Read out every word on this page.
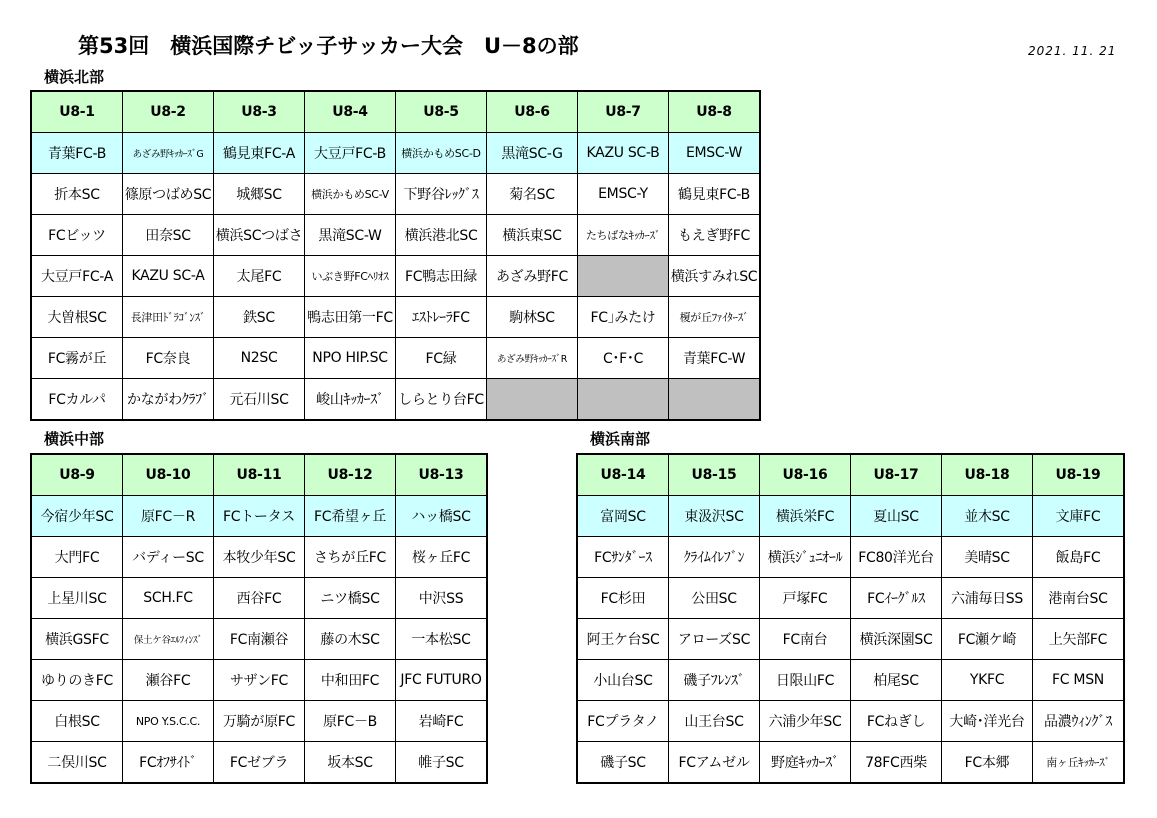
第53回　横浜国際チビッ子サッカー大会　U－8の部	2021. 11. 21
横浜北部
U8-1	U8-2	U8-3	U8-4	U8-5	U8-6	U8-7	U8-8
青葉FC-B	あざみ野ｷｯｶｰｽﾞG	鶴見東FC-A	大豆戸FC-B	横浜かもめSC-D	黒滝SC-G	KAZU SC-B	EMSC-W
折本SC	篠原つばめSC	城郷SC	横浜かもめSC-V	下野谷ﾚｯｸﾞｽ	菊名SC	EMSC-Y	鶴見東FC-B
FCビッツ	田奈SC	横浜SCつばさ	黒滝SC-W	横浜港北SC	横浜東SC	たちばなｷｯｶｰｽﾞ	もえぎ野FC
大豆戸FC-A	KAZU SC-A	太尾FC	いぶき野FCﾍﾘｵｽ	FC鴨志田緑	あざみ野FC		横浜すみれSC
大曽根SC	長津田ﾄﾞﾗｺﾞﾝｽﾞ	鉄SC	鴨志田第一FC	ｴｽﾄﾚｰﾗFC	駒林SC	FC｣みたけ	榎が丘ﾌｧｲﾀｰｽﾞ
FC霧が丘	FC奈良	N2SC	NPO HIP.SC	FC緑	あざみ野ｷｯｶｰｽﾞR	C･F･C	青葉FC-W
FCカルパ	かながわｸﾗﾌﾞ	元石川SC	峻山ｷｯｶｰｽﾞ	しらとり台FC			
横浜中部
U8-9	U8-10	U8-11	U8-12	U8-13
今宿少年SC	原FC－R	FCトータス	FC希望ヶ丘	ハッ橋SC
大門FC	バディーSC	本牧少年SC	さちが丘FC	桜ヶ丘FC
上星川SC	SCH.FC	西谷FC	ニツ橋SC	中沢SS
横浜GSFC	保土ケ谷ｴﾙﾌｨﾝｽﾞ	FC南瀬谷	藤の木SC	一本松SC
ゆりのきFC	瀬谷FC	サザンFC	中和田FC	JFC FUTURO
白根SC	NPO Y.S.C.C.	万騎が原FC	原FC－B	岩崎FC
二俣川SC	FCｵﾌｻｲﾄﾞ	FCゼブラ	坂本SC	帷子SC
横浜南部
U8-14	U8-15	U8-16	U8-17	U8-18	U8-19
富岡SC	東汲沢SC	横浜栄FC	夏山SC	並木SC	文庫FC
FCｻﾝﾀﾞｰｽ	ｸﾗｲﾑｲﾚﾌﾞﾝ	横浜ｼﾞｭﾆｵｰﾙ	FC80洋光台	美晴SC	飯島FC
FC杉田	公田SC	戸塚FC	FCｲｰｸﾞﾙｽ	六浦毎日SS	港南台SC
阿王ケ台SC	アローズSC	FC南台	横浜深園SC	FC瀬ケ崎	上矢部FC
小山台SC	磯子ﾌﾚﾝｽﾞ	日限山FC	柏尾SC	YKFC	FC MSN
FCプラタノ	山王台SC	六浦少年SC	FCねぎし	大崎･洋光台	品濃ｳｨﾝｸﾞｽ
磯子SC	FCアムゼル	野庭ｷｯｶｰｽﾞ	78FC西柴	FC本郷	南ヶ丘ｷｯｶｰｽﾞ
